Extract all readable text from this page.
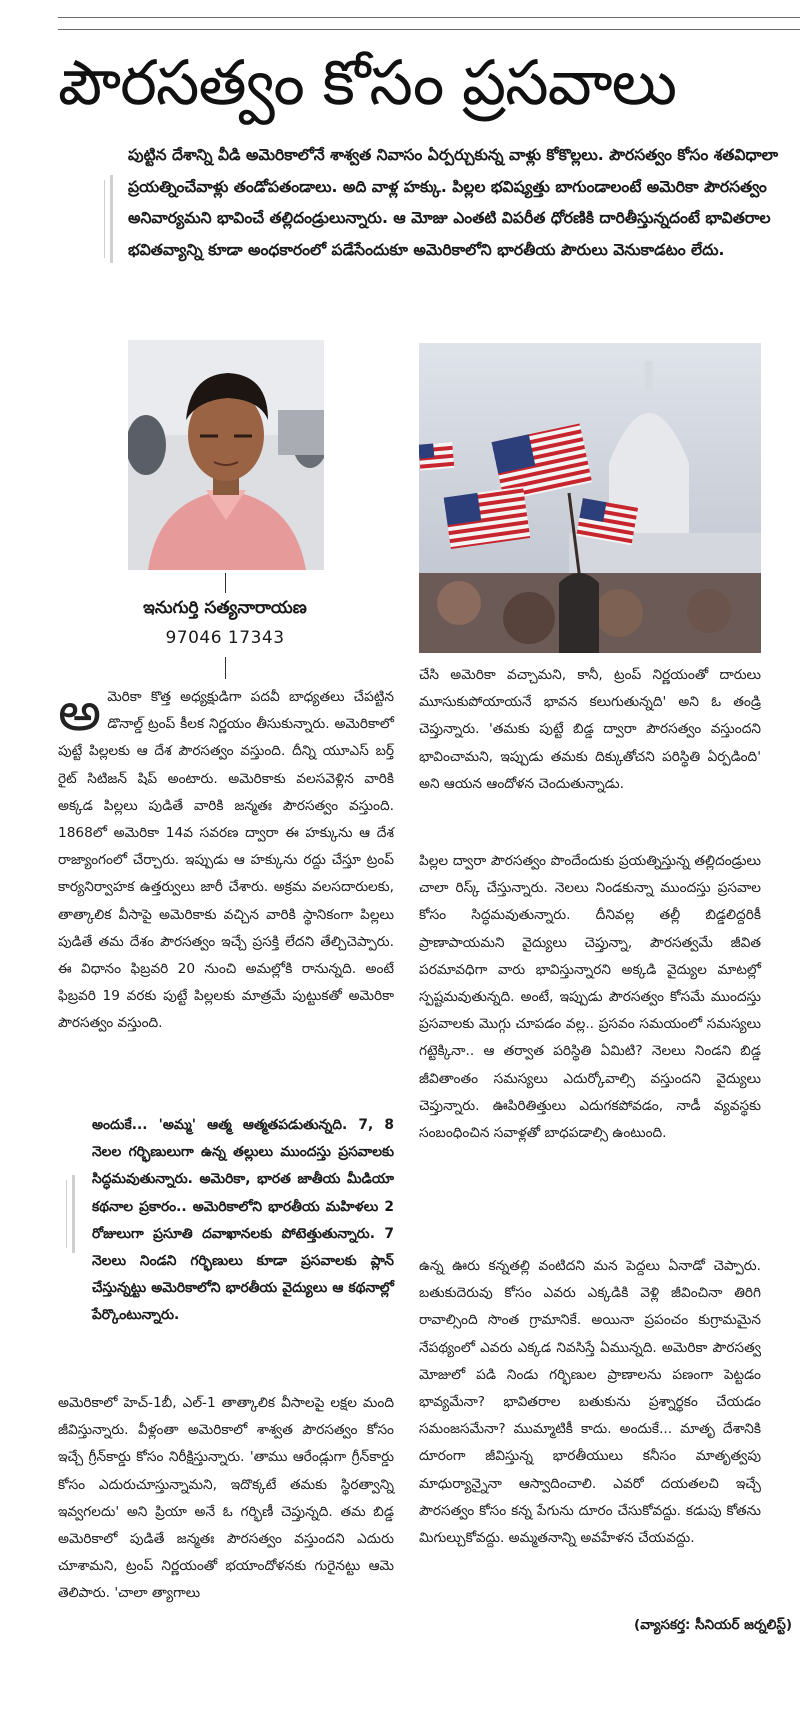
పౌరసత్వం కోసం ప్రసవాలు

పుట్టిన దేశాన్ని వీడి అమెరికాలోనే శాశ్వత నివాసం ఏర్పర్చుకున్న వాళ్లు కోకొల్లలు. పౌరసత్వం కోసం శతవిధాలా ప్రయత్నించేవాళ్లు తండోపతండాలు. అది వాళ్ల హక్కు. పిల్లల భవిష్యత్తు బాగుండాలంటే అమెరికా పౌరసత్వం అనివార్యమని భావించే తల్లిదండ్రులున్నారు. ఆ మోజు ఎంతటి విపరీత ధోరణికి దారితీస్తున్నదంటే భావితరాల భవితవ్యాన్ని కూడా అంధకారంలో పడేసేందుకూ అమెరికాలోని భారతీయ పౌరులు వెనుకాడటం లేదు.

ఇనుగుర్తి సత్యనారాయణ

97046 17343

అమెరికా కొత్త అధ్యక్షుడిగా పదవీ బాధ్యతలు చేపట్టిన డొనాల్డ్ ట్రంప్ కీలక నిర్ణయం తీసుకున్నారు. అమెరికాలో పుట్టే పిల్లలకు ఆ దేశ పౌరసత్వం వస్తుంది. దీన్ని యూఎస్ బర్త్ రైట్ సిటిజన్ షిప్ అంటారు. అమెరికాకు వలసవెళ్లిన వారికి అక్కడ పిల్లలు పుడితే వారికి జన్మతః పౌరసత్వం వస్తుంది. 1868లో అమెరికా 14వ సవరణ ద్వారా ఈ హక్కును ఆ దేశ రాజ్యాంగంలో చేర్చారు. ఇప్పుడు ఆ హక్కును రద్దు చేస్తూ ట్రంప్ కార్యనిర్వాహక ఉత్తర్వులు జారీ చేశారు. అక్రమ వలసదారులకు, తాత్కాలిక వీసాపై అమెరికాకు వచ్చిన వారికి స్థానికంగా పిల్లలు పుడితే తమ దేశం పౌరసత్వం ఇచ్చే ప్రసక్తి లేదని తేల్చిచెప్పారు. ఈ విధానం ఫిబ్రవరి 20 నుంచి అమల్లోకి రానున్నది. అంటే ఫిబ్రవరి 19 వరకు పుట్టే పిల్లలకు మాత్రమే పుట్టుకతో అమెరికా పౌరసత్వం వస్తుంది.

అందుకే... 'అమ్మ' ఆత్మ ఆత్మతపడుతున్నది. 7, 8 నెలల గర్భిణులుగా ఉన్న తల్లులు ముందస్తు ప్రసవాలకు సిద్ధమవుతున్నారు. అమెరికా, భారత జాతీయ మీడియా కథనాల ప్రకారం.. అమెరికాలోని భారతీయ మహిళలు 2 రోజులుగా ప్రసూతి దవాఖానలకు పోటెత్తుతున్నారు. 7 నెలలు నిండని గర్భిణులు కూడా ప్రసవాలకు ప్లాన్ చేస్తున్నట్టు అమెరికాలోని భారతీయ వైద్యులు ఆ కథనాల్లో పేర్కొంటున్నారు.

అమెరికాలో హెచ్-1బీ, ఎల్-1 తాత్కాలిక వీసాలపై లక్షల మంది జీవిస్తున్నారు. వీళ్లంతా అమెరికాలో శాశ్వత పౌరసత్వం కోసం ఇచ్చే గ్రీన్‌కార్డు కోసం నిరీక్షిస్తున్నారు. 'తాము ఆరేండ్లుగా గ్రీన్‌కార్డు కోసం ఎదురుచూస్తున్నామని, ఇదొక్కటే తమకు స్థిరత్వాన్ని ఇవ్వగలదు' అని ప్రియా అనే ఓ గర్భిణీ చెప్తున్నది. తమ బిడ్డ అమెరికాలో పుడితే జన్మతః పౌరసత్వం వస్తుందని ఎదురు చూశామని, ట్రంప్ నిర్ణయంతో భయాందోళనకు గురైనట్టు ఆమె తెలిపారు. 'చాలా త్యాగాలు

చేసి అమెరికా వచ్చామని, కానీ, ట్రంప్ నిర్ణయంతో దారులు మూసుకుపోయాయనే భావన కలుగుతున్నది' అని ఓ తండ్రి చెప్తున్నారు. 'తమకు పుట్టే బిడ్డ ద్వారా పౌరసత్వం వస్తుందని భావించామని, ఇప్పుడు తమకు దిక్కుతోచని పరిస్థితి ఏర్పడింది' అని ఆయన ఆందోళన చెందుతున్నాడు.

పిల్లల ద్వారా పౌరసత్వం పొందేందుకు ప్రయత్నిస్తున్న తల్లిదండ్రులు చాలా రిస్క్ చేస్తున్నారు. నెలలు నిండకున్నా ముందస్తు ప్రసవాల కోసం సిద్ధమవుతున్నారు. దీనివల్ల తల్లీ బిడ్డలిద్దరికీ ప్రాణాపాయమని వైద్యులు చెప్తున్నా, పౌరసత్వమే జీవిత పరమావధిగా వారు భావిస్తున్నారని అక్కడి వైద్యుల మాటల్లో స్పష్టమవుతున్నది. అంటే, ఇప్పుడు పౌరసత్వం కోసమే ముందస్తు ప్రసవాలకు మొగ్గు చూపడం వల్ల.. ప్రసవం సమయంలో సమస్యలు గట్టెక్కినా.. ఆ తర్వాత పరిస్థితి ఏమిటి? నెలలు నిండని బిడ్డ జీవితాంతం సమస్యలు ఎదుర్కోవాల్సి వస్తుందని వైద్యులు చెప్తున్నారు. ఊపిరితిత్తులు ఎదుగకపోవడం, నాడీ వ్యవస్థకు సంబంధించిన సవాళ్లతో బాధపడాల్సి ఉంటుంది.

ఉన్న ఊరు కన్నతల్లి వంటిదని మన పెద్దలు ఏనాడో చెప్పారు. బతుకుదెరువు కోసం ఎవరు ఎక్కడికి వెళ్లి జీవించినా తిరిగి రావాల్సింది సొంత గ్రామానికే. అయినా ప్రపంచం కుగ్రామమైన నేపథ్యంలో ఎవరు ఎక్కడ నివసిస్తే ఏమున్నది. అమెరికా పౌరసత్వ మోజులో పడి నిండు గర్భిణుల ప్రాణాలను పణంగా పెట్టడం భావ్యమేనా? భావితరాల బతుకును ప్రశ్నార్థకం చేయడం సమంజసమేనా? ముమ్మాటికీ కాదు. అందుకే... మాతృ దేశానికి దూరంగా జీవిస్తున్న భారతీయులు కనీసం మాతృత్వపు మాధుర్యాన్నైనా ఆస్వాదించాలి. ఎవరో దయతలచి ఇచ్చే పౌరసత్వం కోసం కన్న పేగును దూరం చేసుకోవద్దు. కడుపు కోతను మిగుల్చుకోవద్దు. అమ్మతనాన్ని అవహేళన చేయవద్దు.

(వ్యాసకర్త: సీనియర్ జర్నలిస్ట్)
